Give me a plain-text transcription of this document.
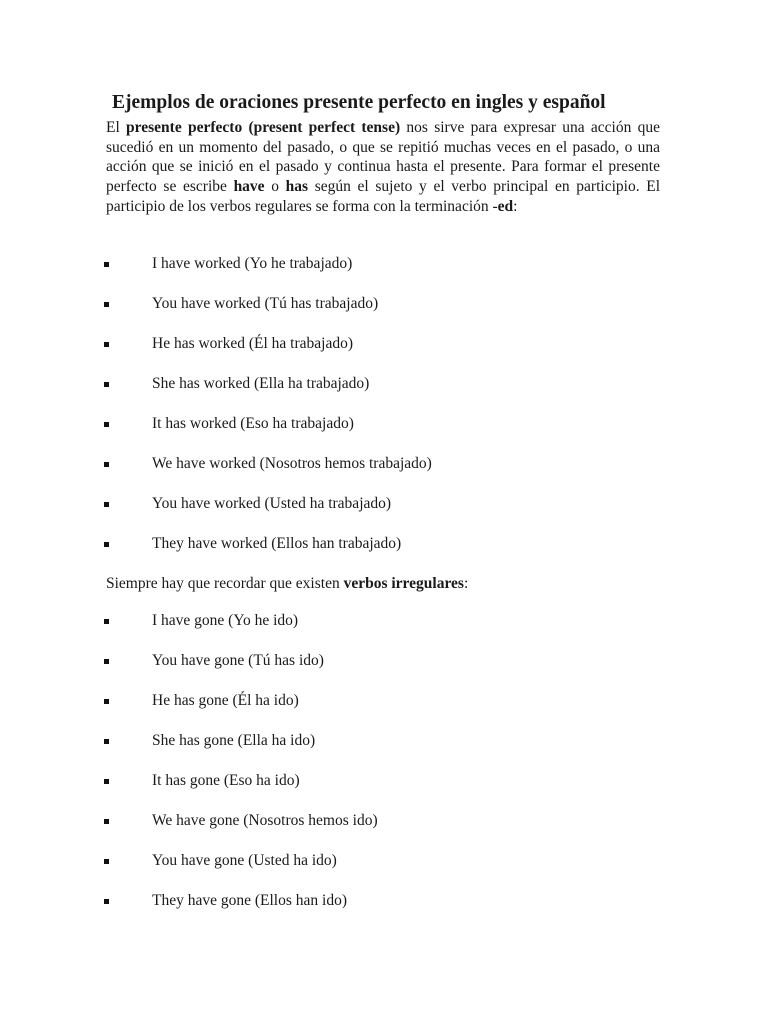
Ejemplos de oraciones presente perfecto en ingles y español

El presente perfecto (present perfect tense) nos sirve para expresar una acción que sucedió en un momento del pasado, o que se repitió muchas veces en el pasado, o una acción que se inició en el pasado y continua hasta el presente. Para formar el presente perfecto se escribe have o has según el sujeto y el verbo principal en participio. El participio de los verbos regulares se forma con la terminación -ed:

I have worked (Yo he trabajado)
You have worked (Tú has trabajado)
He has worked (Él ha trabajado)
She has worked (Ella ha trabajado)
It has worked (Eso ha trabajado)
We have worked (Nosotros hemos trabajado)
You have worked (Usted ha trabajado)
They have worked (Ellos han trabajado)

Siempre hay que recordar que existen verbos irregulares:

I have gone (Yo he ido)
You have gone (Tú has ido)
He has gone (Él ha ido)
She has gone (Ella ha ido)
It has gone (Eso ha ido)
We have gone (Nosotros hemos ido)
You have gone (Usted ha ido)
They have gone (Ellos han ido)
